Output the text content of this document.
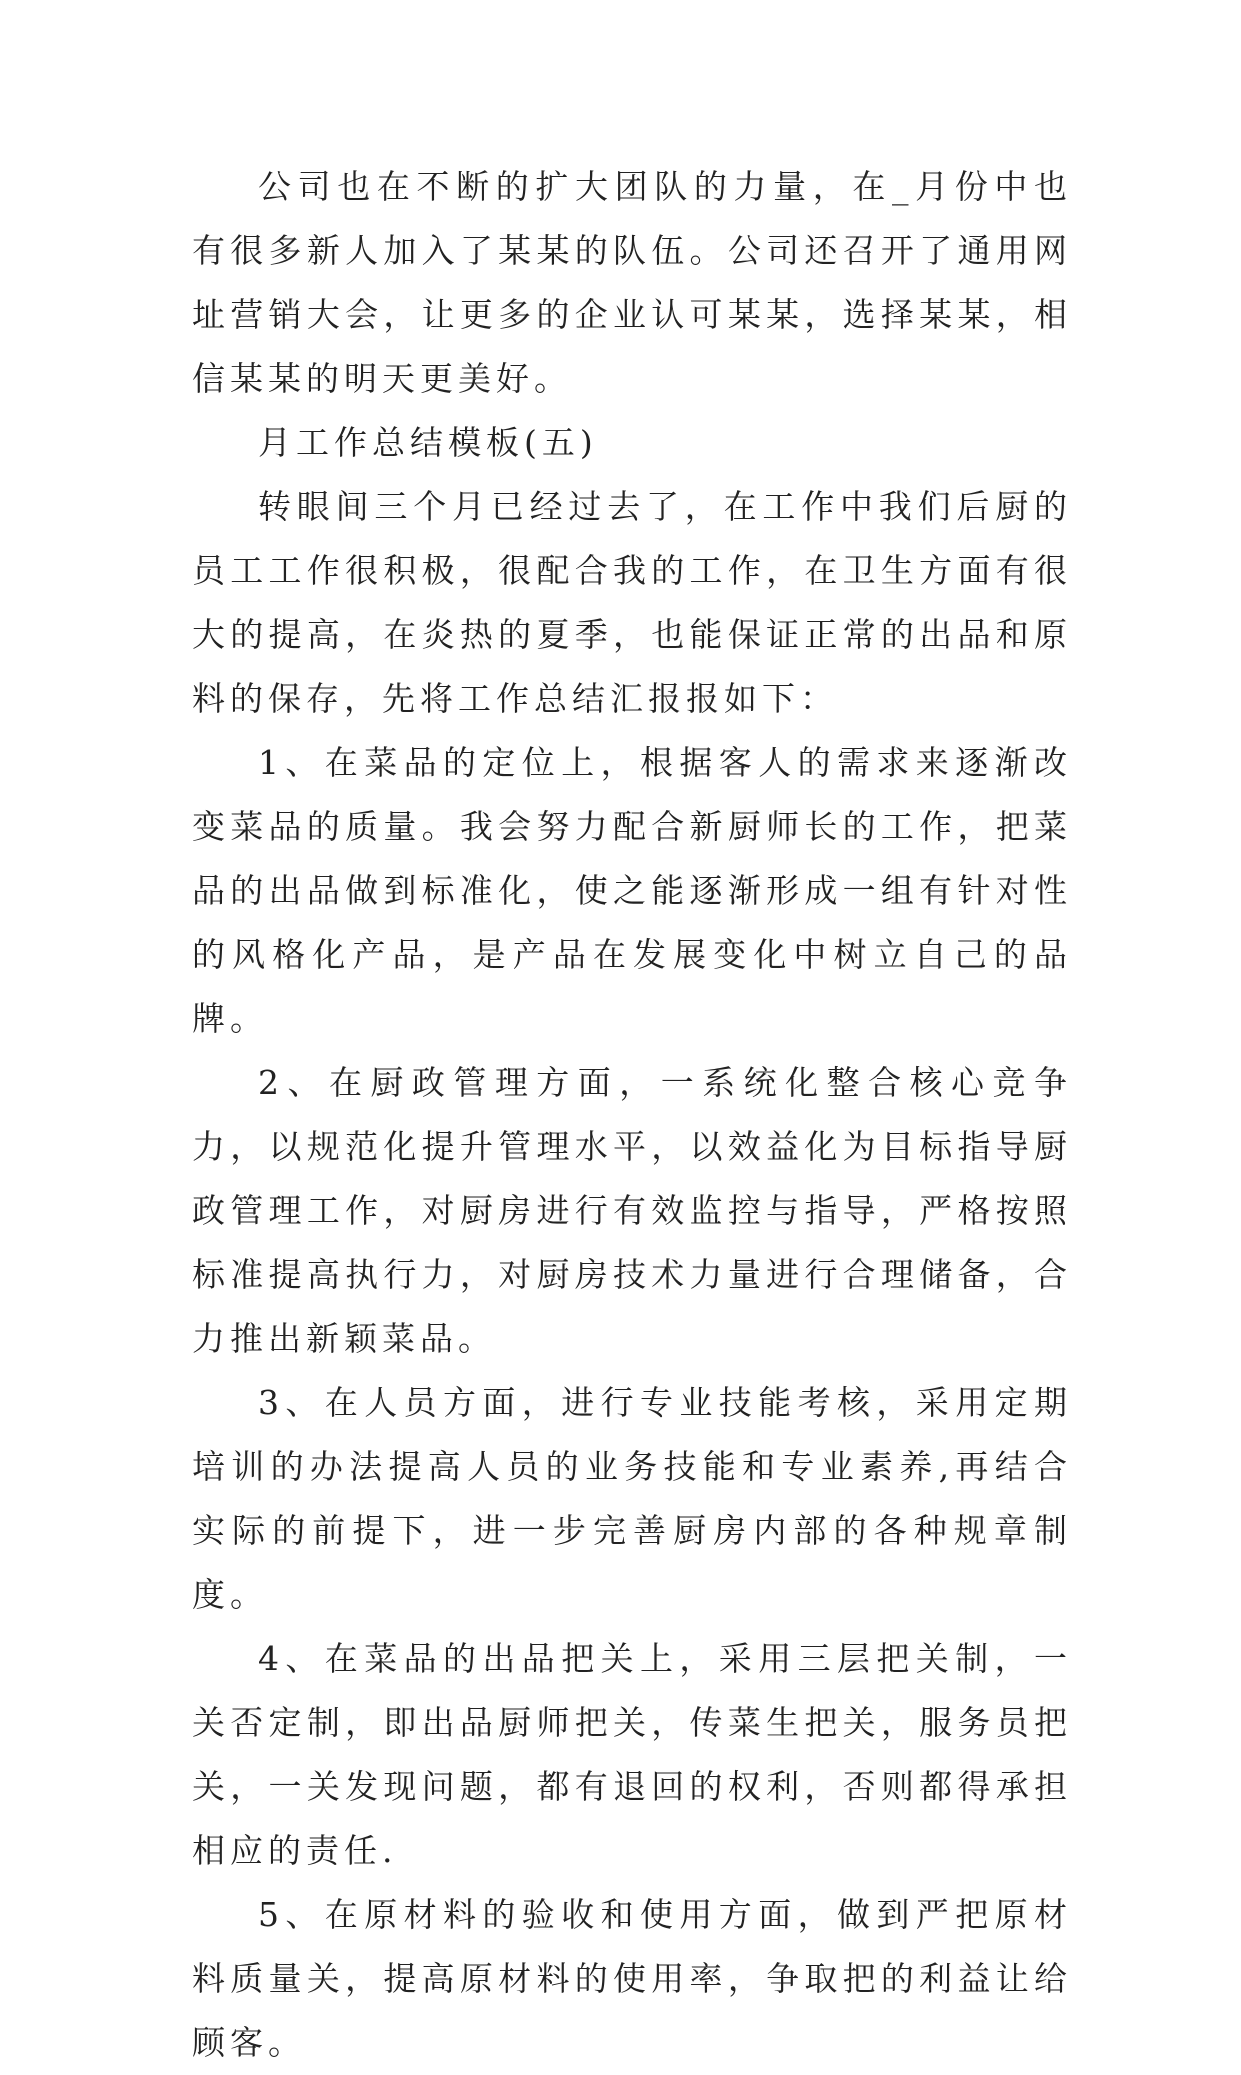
公司也在不断的扩大团队的力量，在_月份中也有很多新人加入了某某的队伍。公司还召开了通用网址营销大会，让更多的企业认可某某，选择某某，相信某某的明天更美好。

月工作总结模板(五)

转眼间三个月已经过去了，在工作中我们后厨的员工工作很积极，很配合我的工作，在卫生方面有很大的提高，在炎热的夏季，也能保证正常的出品和原料的保存，先将工作总结汇报报如下：

1、在菜品的定位上，根据客人的需求来逐渐改变菜品的质量。我会努力配合新厨师长的工作，把菜品的出品做到标准化，使之能逐渐形成一组有针对性的风格化产品，是产品在发展变化中树立自己的品牌。

2、在厨政管理方面，一系统化整合核心竞争力，以规范化提升管理水平，以效益化为目标指导厨政管理工作，对厨房进行有效监控与指导，严格按照标准提高执行力，对厨房技术力量进行合理储备，合力推出新颖菜品。

3、在人员方面，进行专业技能考核，采用定期培训的办法提高人员的业务技能和专业素养,再结合实际的前提下，进一步完善厨房内部的各种规章制度。

4、在菜品的出品把关上，采用三层把关制，一关否定制，即出品厨师把关，传菜生把关，服务员把关，一关发现问题，都有退回的权利，否则都得承担相应的责任.

5、在原材料的验收和使用方面，做到严把原材料质量关，提高原材料的使用率，争取把的利益让给顾客。
